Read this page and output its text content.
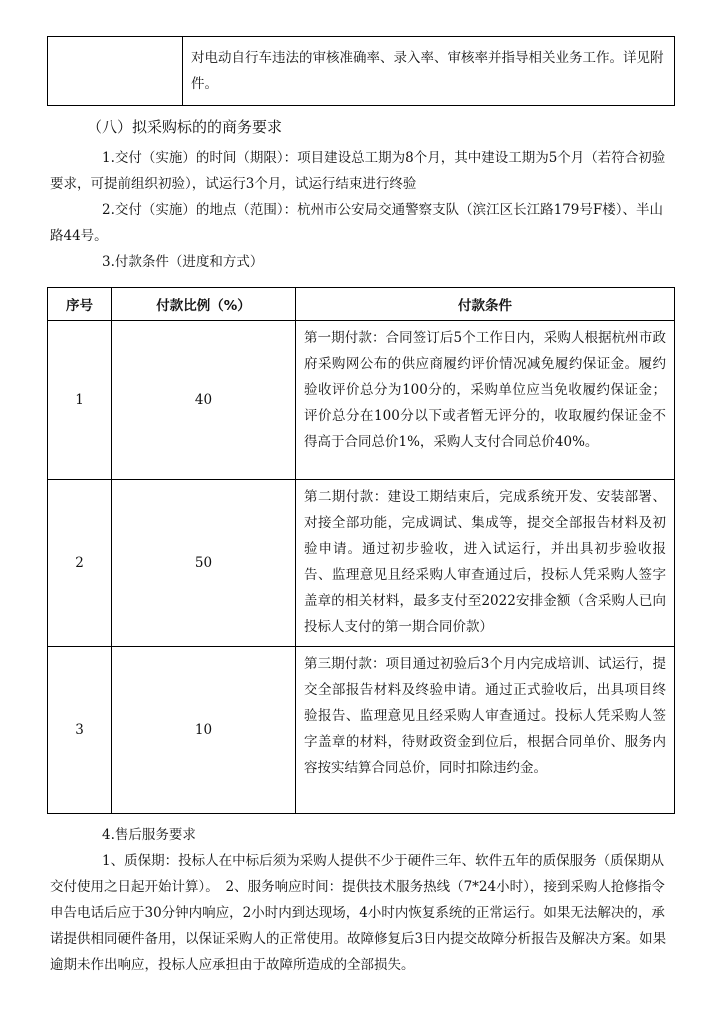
对电动自行车违法的审核准确率、录入率、审核率并指导相关业务工作。详见附件。

（八）拟采购标的的商务要求

1.交付（实施）的时间（期限）：项目建设总工期为8个月，其中建设工期为5个月（若符合初验要求，可提前组织初验），试运行3个月，试运行结束进行终验

2.交付（实施）的地点（范围）：杭州市公安局交通警察支队（滨江区长江路179号F楼）、半山路44号。

3.付款条件（进度和方式）

序号	付款比例（%）	付款条件
1	40	第一期付款：合同签订后5个工作日内，采购人根据杭州市政府采购网公布的供应商履约评价情况减免履约保证金。履约验收评价总分为100分的，采购单位应当免收履约保证金；评价总分在100分以下或者暂无评分的，收取履约保证金不得高于合同总价1%，采购人支付合同总价40%。
2	50	第二期付款：建设工期结束后，完成系统开发、安装部署、对接全部功能，完成调试、集成等，提交全部报告材料及初验申请。通过初步验收，进入试运行，并出具初步验收报告、监理意见且经采购人审查通过后，投标人凭采购人签字盖章的相关材料，最多支付至2022安排金额（含采购人已向投标人支付的第一期合同价款）
3	10	第三期付款：项目通过初验后3个月内完成培训、试运行，提交全部报告材料及终验申请。通过正式验收后，出具项目终验报告、监理意见且经采购人审查通过。投标人凭采购人签字盖章的材料，待财政资金到位后，根据合同单价、服务内容按实结算合同总价，同时扣除违约金。

4.售后服务要求

1、质保期：投标人在中标后须为采购人提供不少于硬件三年、软件五年的质保服务（质保期从交付使用之日起开始计算）。　2、服务响应时间：提供技术服务热线（7*24小时），接到采购人抢修指令申告电话后应于30分钟内响应，2小时内到达现场，4小时内恢复系统的正常运行。如果无法解决的，承诺提供相同硬件备用，以保证采购人的正常使用。故障修复后3日内提交故障分析报告及解决方案。如果逾期未作出响应，投标人应承担由于故障所造成的全部损失。
